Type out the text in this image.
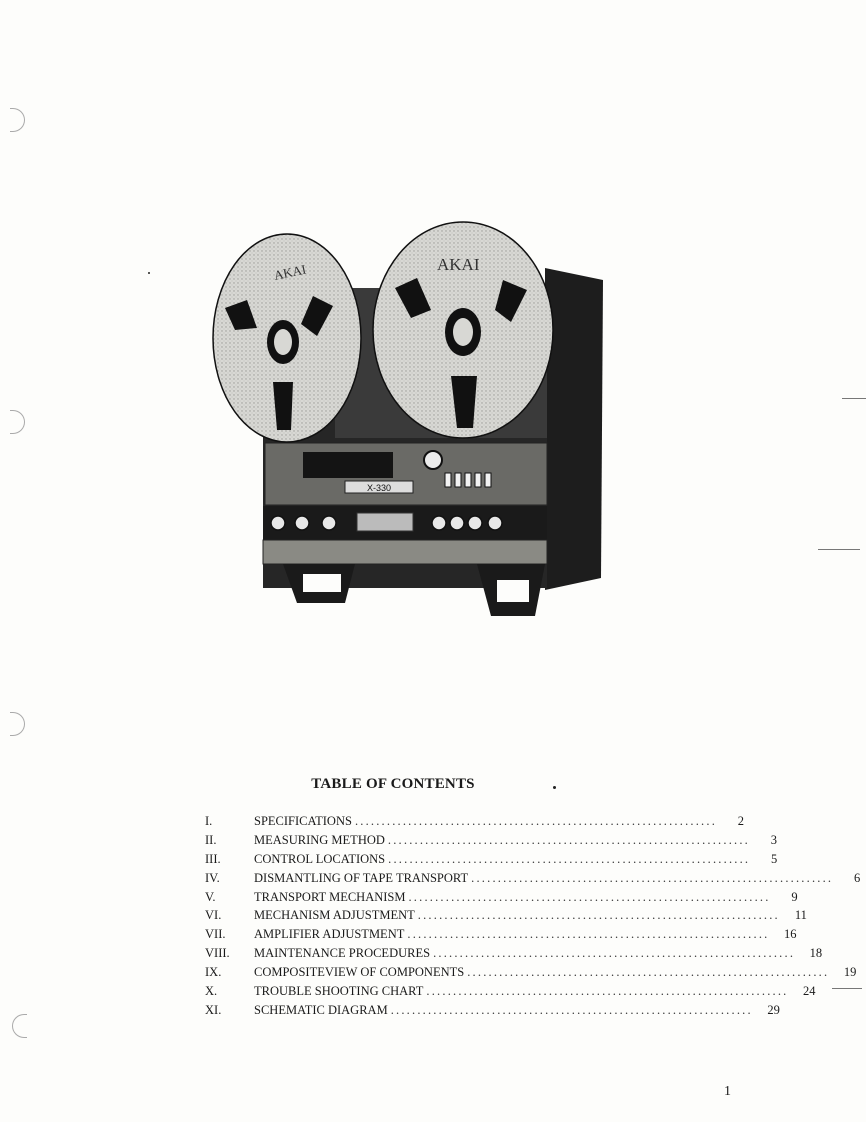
X-330
AKAI	AKAI
TABLE OF CONTENTS
I.	SPECIFICATIONS ....................................................................	2
II.	MEASURING METHOD ....................................................................	3
III.	CONTROL LOCATIONS ....................................................................	5
IV.	DISMANTLING OF TAPE TRANSPORT ....................................................................	6
V.	TRANSPORT MECHANISM ....................................................................	9
VI.	MECHANISM ADJUSTMENT ....................................................................	11
VII.	AMPLIFIER ADJUSTMENT ....................................................................	16
VIII.	MAINTENANCE PROCEDURES ....................................................................	18
IX.	COMPOSITEVIEW OF COMPONENTS ....................................................................	19
X.	TROUBLE SHOOTING CHART ....................................................................	24
XI.	SCHEMATIC DIAGRAM ....................................................................	29
1
